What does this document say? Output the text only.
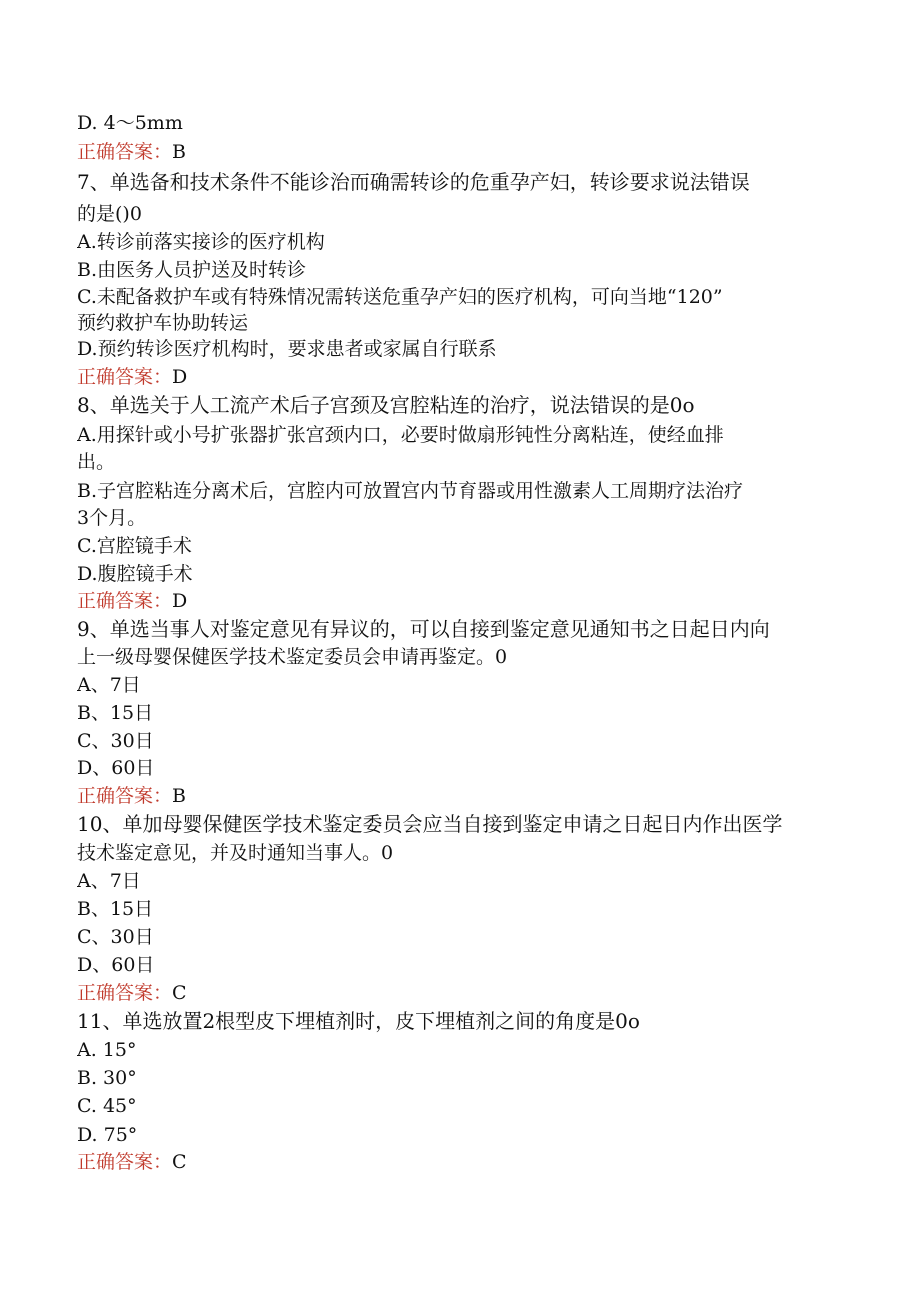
D. 4～5mm
正确答案：B
7、单选备和技术条件不能诊治而确需转诊的危重孕产妇，转诊要求说法错误
的是()0
A.转诊前落实接诊的医疗机构
B.由医务人员护送及时转诊
C.未配备救护车或有特殊情况需转送危重孕产妇的医疗机构，可向当地“120”
预约救护车协助转运
D.预约转诊医疗机构时，要求患者或家属自行联系
正确答案：D
8、单选关于人工流产术后子宫颈及宫腔粘连的治疗，说法错误的是0o
A.用探针或小号扩张器扩张宫颈内口，必要时做扇形钝性分离粘连，使经血排
出。
B.子宫腔粘连分离术后，宫腔内可放置宫内节育器或用性激素人工周期疗法治疗
3个月。
C.宫腔镜手术
D.腹腔镜手术
正确答案：D
9、单选当事人对鉴定意见有异议的，可以自接到鉴定意见通知书之日起日内向
上一级母婴保健医学技术鉴定委员会申请再鉴定。0
A、7日
B、15日
C、30日
D、60日
正确答案：B
10、单加母婴保健医学技术鉴定委员会应当自接到鉴定申请之日起日内作出医学
技术鉴定意见，并及时通知当事人。0
A、7日
B、15日
C、30日
D、60日
正确答案：C
11、单选放置2根型皮下埋植剂时，皮下埋植剂之间的角度是0o
A. 15°
B. 30°
C. 45°
D. 75°
正确答案：C
